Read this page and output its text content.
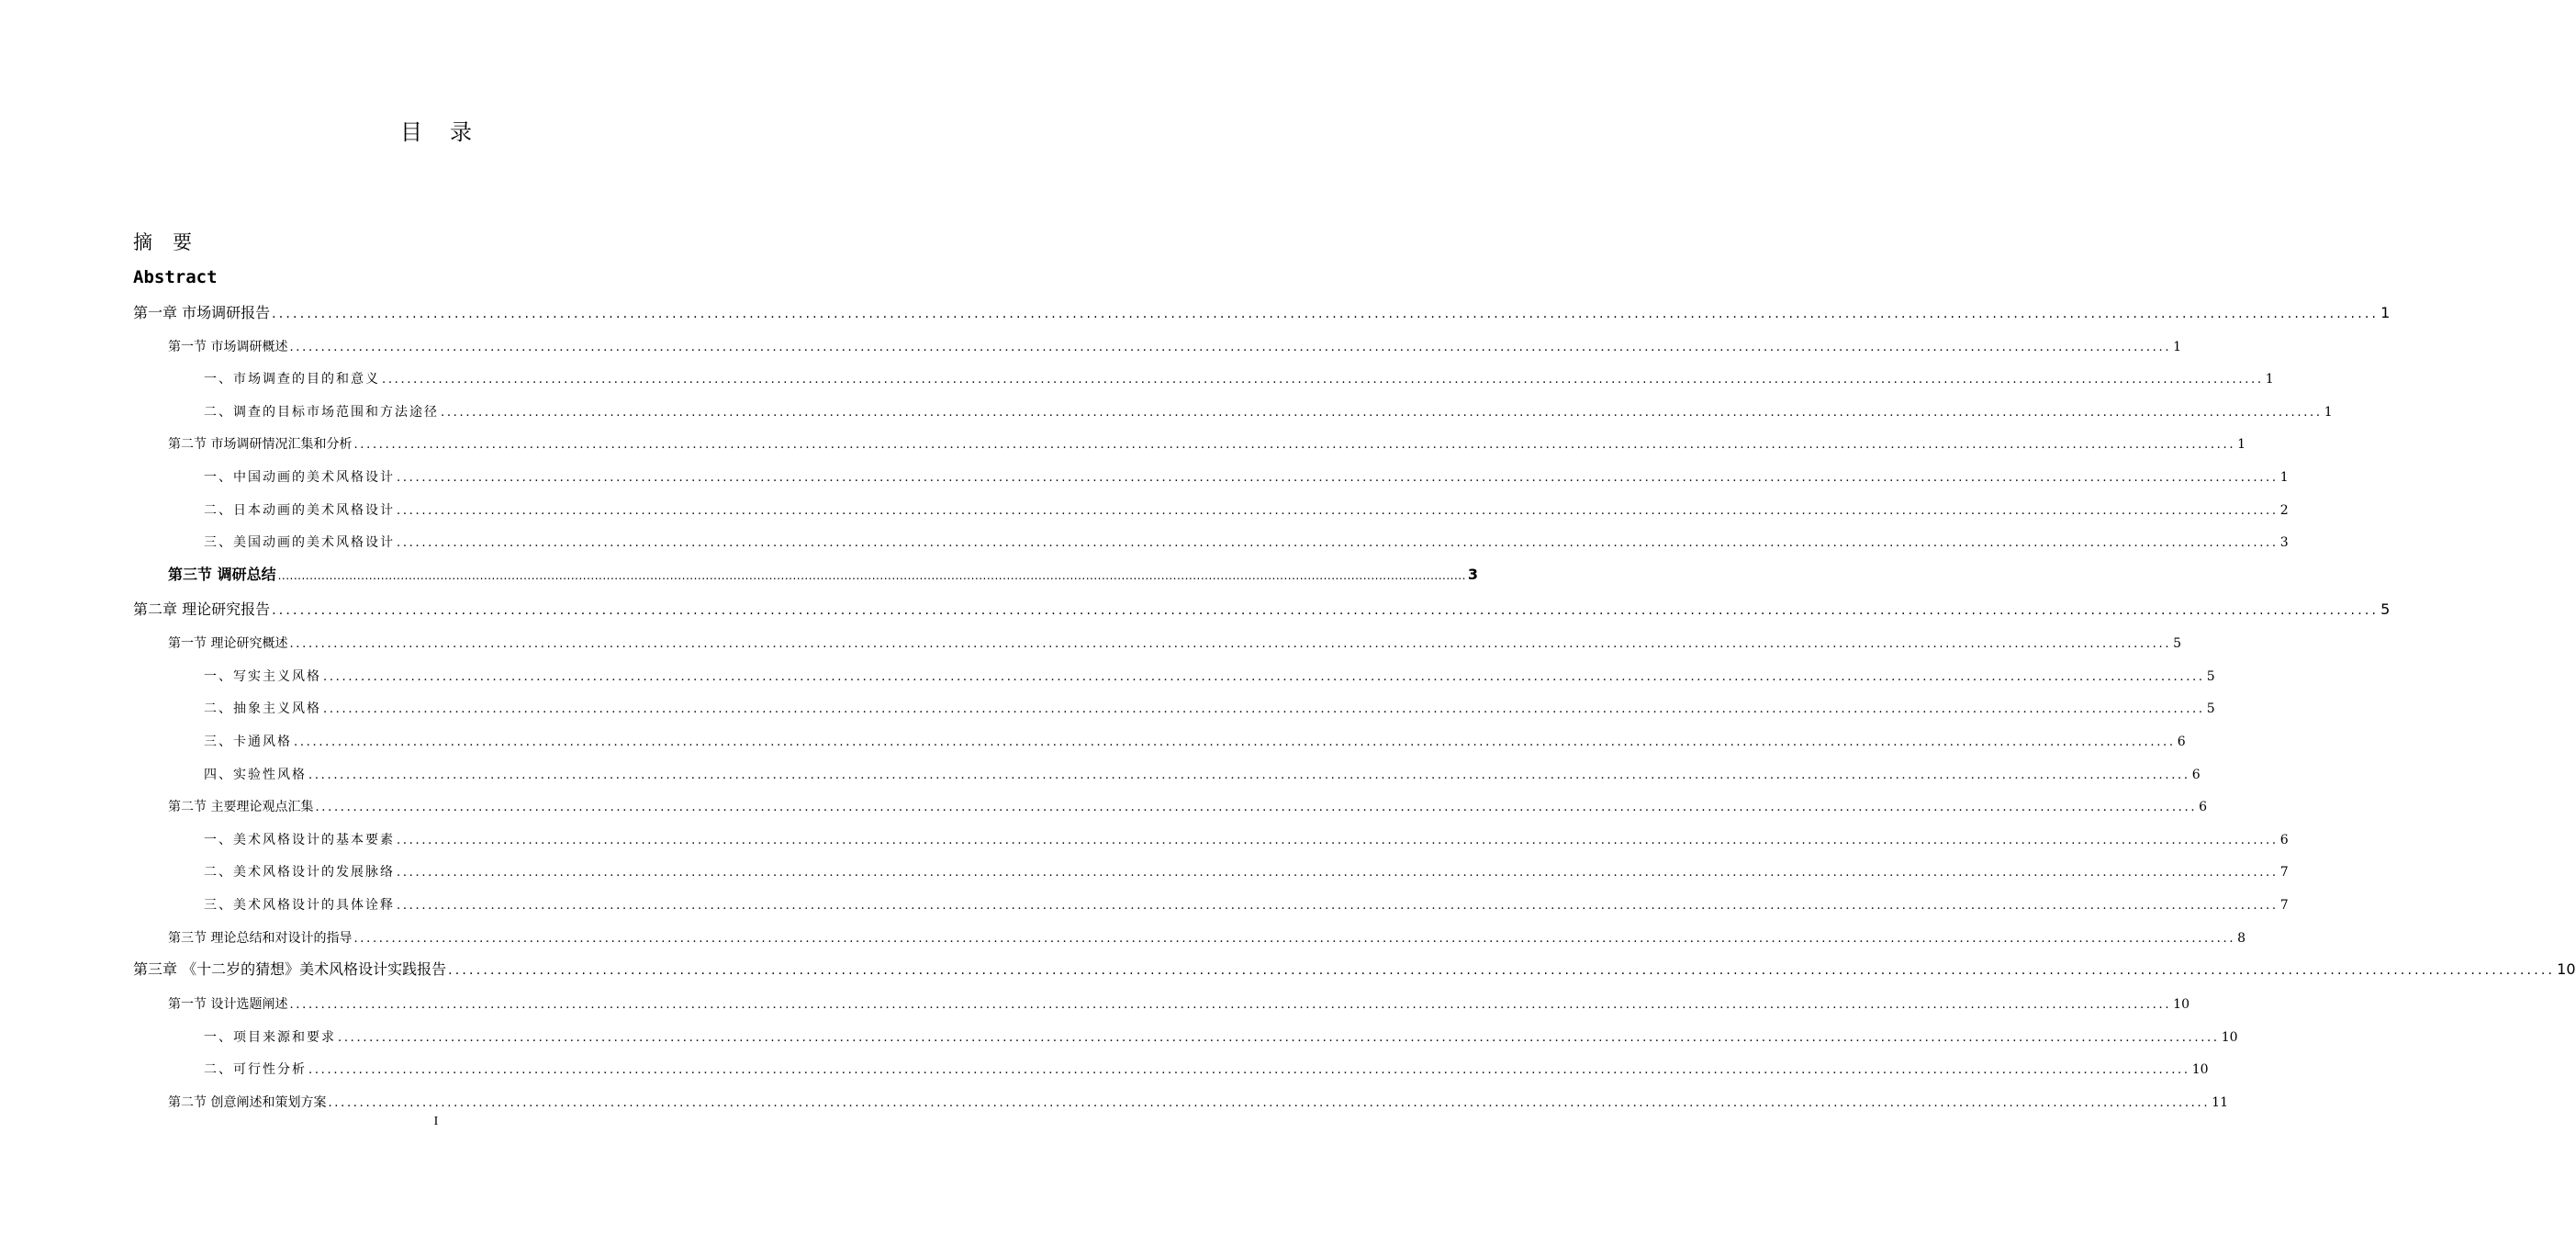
目 录
摘 要
Abstract
第一章 市场调研报告 ............................................................................................................................................................................................................................................................................................................ 1
第一节 市场调研概述 ............................................................................................................................................................................................................................................................................................................ 1
一、市场调查的目的和意义 ............................................................................................................................................................................................................................................................................................................ 1
二、调查的目标市场范围和方法途径 ............................................................................................................................................................................................................................................................................................................ 1
第二节 市场调研情况汇集和分析 ............................................................................................................................................................................................................................................................................................................ 1
一、中国动画的美术风格设计 ............................................................................................................................................................................................................................................................................................................ 1
二、日本动画的美术风格设计 ............................................................................................................................................................................................................................................................................................................ 2
三、美国动画的美术风格设计 ............................................................................................................................................................................................................................................................................................................ 3
第三节 调研总结 ............................................................................................................................................................................................................................................................................................................ 3
第二章 理论研究报告 ............................................................................................................................................................................................................................................................................................................ 5
第一节 理论研究概述 ............................................................................................................................................................................................................................................................................................................ 5
一、写实主义风格 ............................................................................................................................................................................................................................................................................................................ 5
二、抽象主义风格 ............................................................................................................................................................................................................................................................................................................ 5
三、卡通风格 ............................................................................................................................................................................................................................................................................................................ 6
四、实验性风格 ............................................................................................................................................................................................................................................................................................................ 6
第二节 主要理论观点汇集 ............................................................................................................................................................................................................................................................................................................ 6
一、美术风格设计的基本要素 ............................................................................................................................................................................................................................................................................................................ 6
二、美术风格设计的发展脉络 ............................................................................................................................................................................................................................................................................................................ 7
三、美术风格设计的具体诠释 ............................................................................................................................................................................................................................................................................................................ 7
第三节 理论总结和对设计的指导 ............................................................................................................................................................................................................................................................................................................ 8
第三章 《十二岁的猜想》美术风格设计实践报告 ............................................................................................................................................................................................................................................................................................................ 10
第一节 设计选题阐述 ............................................................................................................................................................................................................................................................................................................ 10
一、项目来源和要求 ............................................................................................................................................................................................................................................................................................................ 10
二、可行性分析 ............................................................................................................................................................................................................................................................................................................ 10
第二节 创意阐述和策划方案 ............................................................................................................................................................................................................................................................................................................ 11
I
